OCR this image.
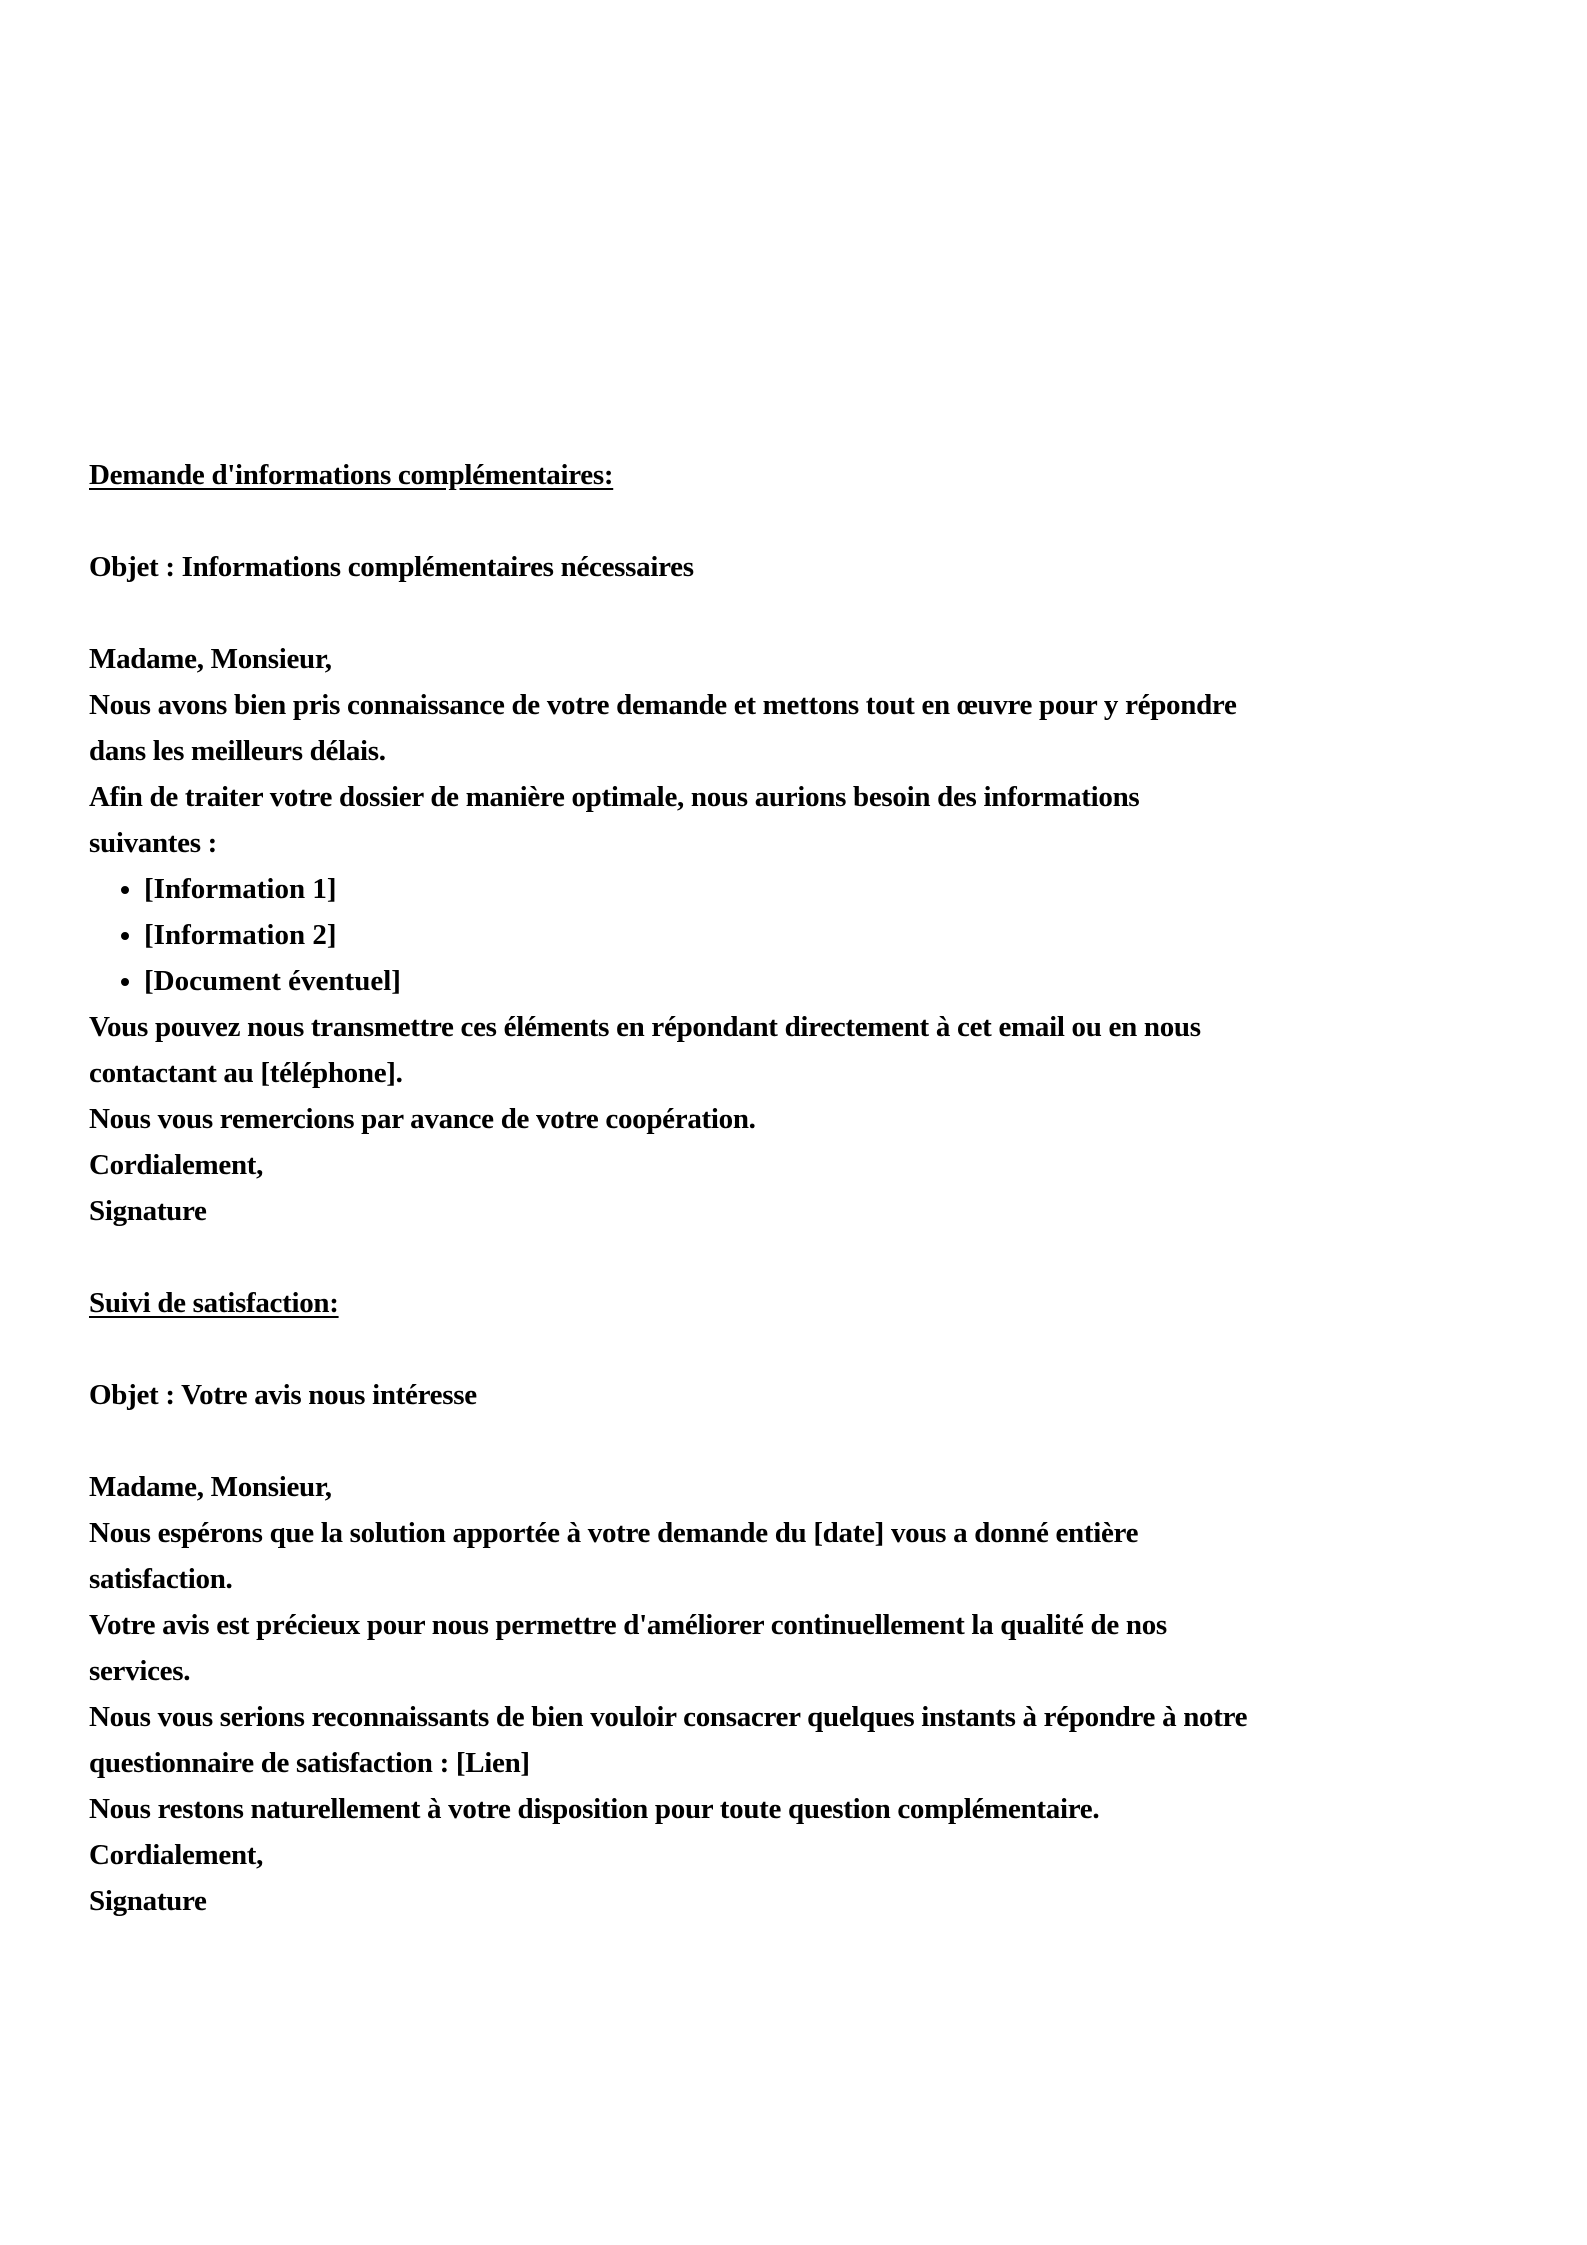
Demande d'informations complémentaires:
Objet : Informations complémentaires nécessaires
Madame, Monsieur,
Nous avons bien pris connaissance de votre demande et mettons tout en œuvre pour y répondre
dans les meilleurs délais.
Afin de traiter votre dossier de manière optimale, nous aurions besoin des informations
suivantes :
• [Information 1]
• [Information 2]
• [Document éventuel]
Vous pouvez nous transmettre ces éléments en répondant directement à cet email ou en nous
contactant au [téléphone].
Nous vous remercions par avance de votre coopération.
Cordialement,
Signature
Suivi de satisfaction:
Objet : Votre avis nous intéresse
Madame, Monsieur,
Nous espérons que la solution apportée à votre demande du [date] vous a donné entière
satisfaction.
Votre avis est précieux pour nous permettre d'améliorer continuellement la qualité de nos
services.
Nous vous serions reconnaissants de bien vouloir consacrer quelques instants à répondre à notre
questionnaire de satisfaction : [Lien]
Nous restons naturellement à votre disposition pour toute question complémentaire.
Cordialement,
Signature
